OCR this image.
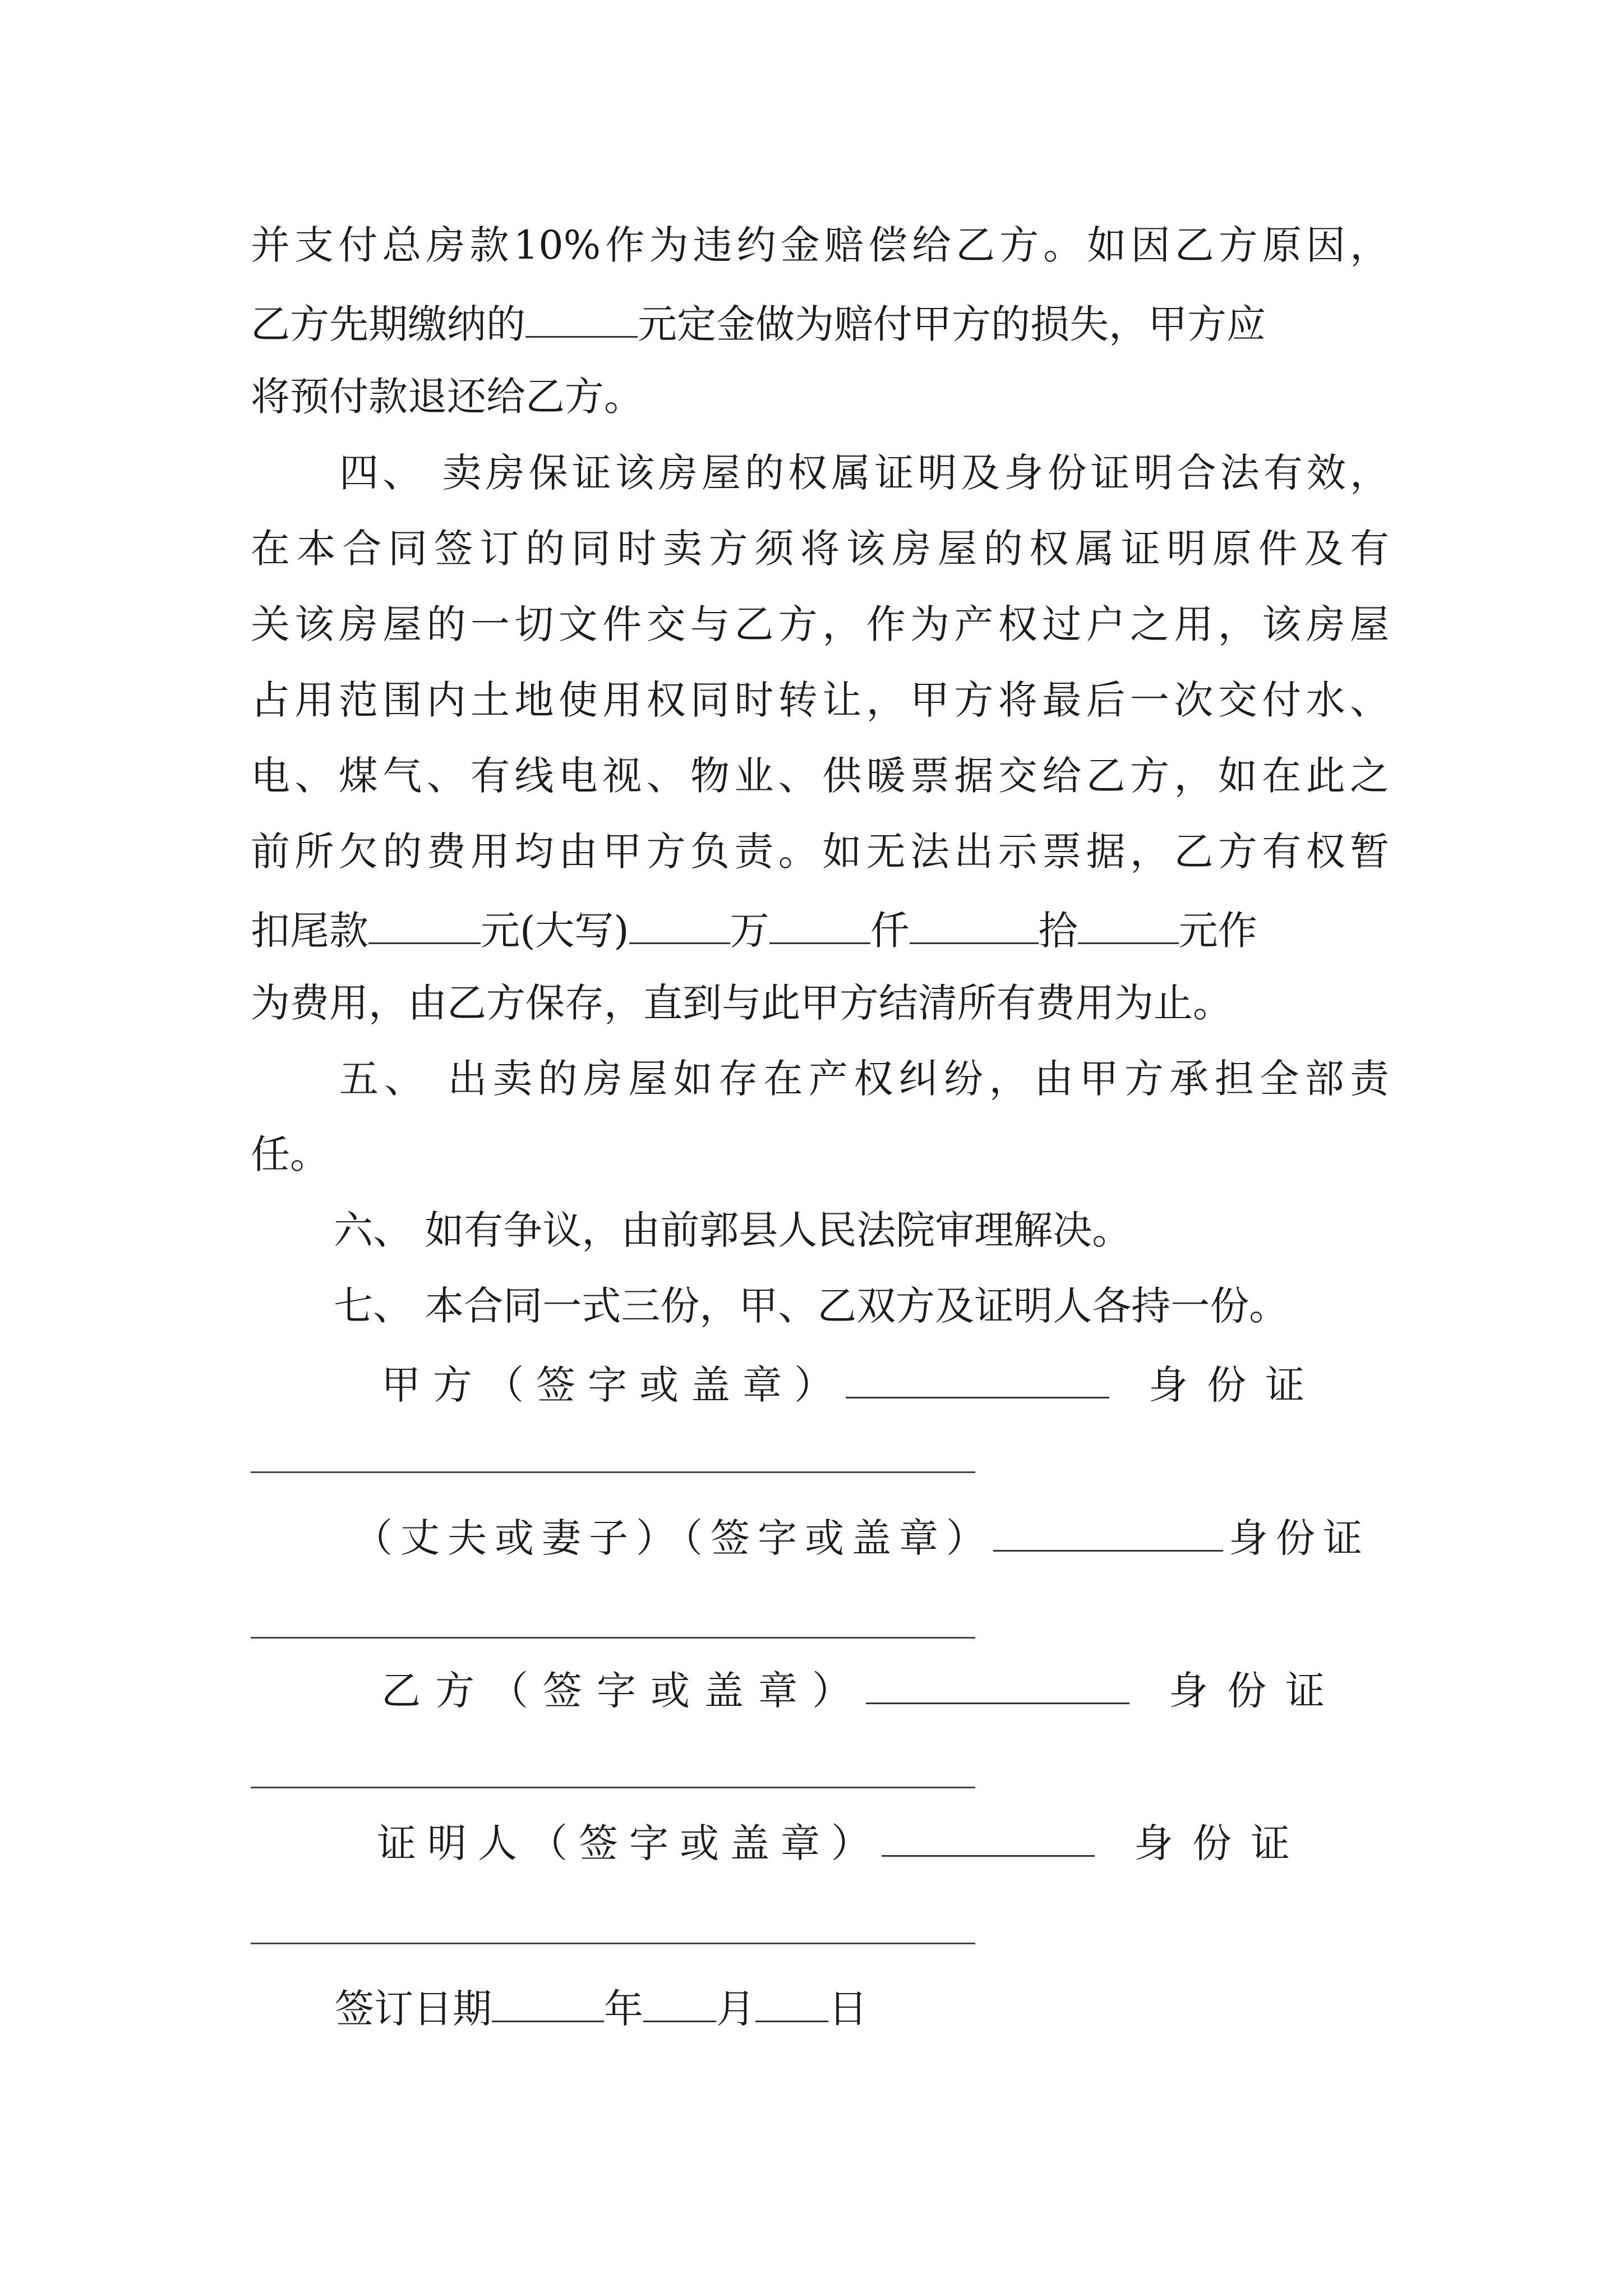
并支付总房款10%作为违约金赔偿给乙方。如因乙方原因，
乙方先期缴纳的	元定金做为赔付甲方的损失，甲方应
将预付款退还给乙方。
四、 卖房保证该房屋的权属证明及身份证明合法有效，
在本合同签订的同时卖方须将该房屋的权属证明原件及有
关该房屋的一切文件交与乙方，作为产权过户之用，该房屋
占用范围内土地使用权同时转让，甲方将最后一次交付水、
电、煤气、有线电视、物业、供暖票据交给乙方，如在此之
前所欠的费用均由甲方负责。如无法出示票据，乙方有权暂
扣尾款	元(大写)	万	仟	拾	元作
为费用，由乙方保存，直到与此甲方结清所有费用为止。
五、 出卖的房屋如存在产权纠纷，由甲方承担全部责
任。
六、 如有争议，由前郭县人民法院审理解决。
七、 本合同一式三份，甲、乙双方及证明人各持一份。
甲方（签字或盖章）	身份证
（丈夫或妻子）（签字或盖章）	身份证
乙方（签字或盖章）	身份证
证明人（签字或盖章）	身份证
签订日期	年 月 日
